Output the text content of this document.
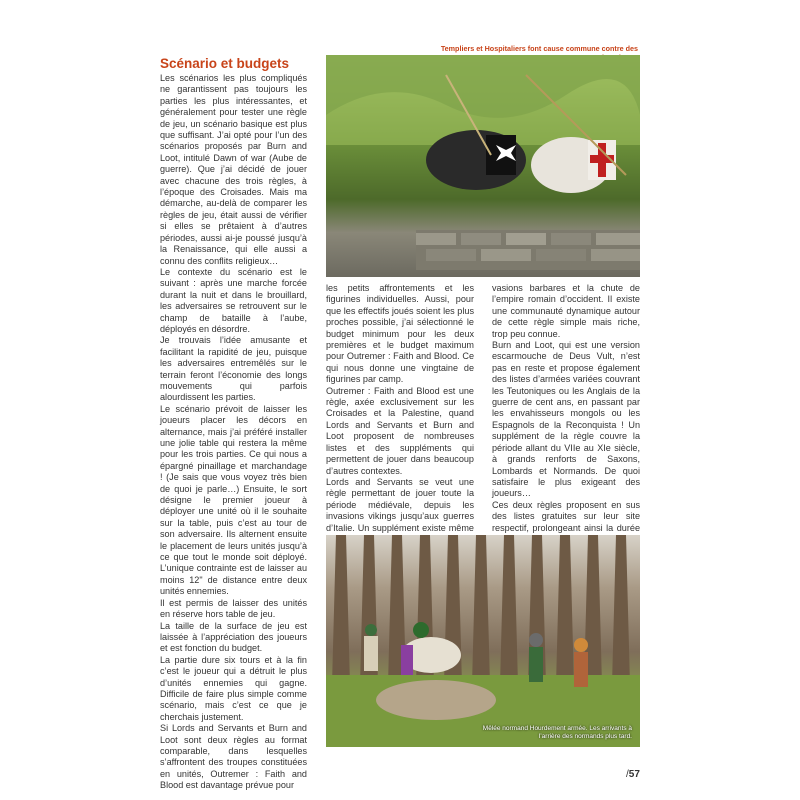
Templiers et Hospitaliers font cause commune contre des
Scénario et budgets

Les scénarios les plus compliqués ne garantissent pas toujours les parties les plus intéressantes, et généralement pour tester une règle de jeu, un scénario basique est plus que suffisant. J’ai opté pour l’un des scénarios proposés par Burn and Loot, intitulé Dawn of war (Aube de guerre). Que j’ai décidé de jouer avec chacune des trois règles, à l’époque des Croisades. Mais ma démarche, au-delà de comparer les règles de jeu, était aussi de vérifier si elles se prêtaient à d’autres périodes, aussi ai-je poussé jusqu’à la Renaissance, qui elle aussi a connu des conflits religieux…

Le contexte du scénario est le suivant : après une marche forcée durant la nuit et dans le brouillard, les adversaires se retrouvent sur le champ de bataille à l’aube, déployés en désordre.

Je trouvais l’idée amusante et facilitant la rapidité de jeu, puisque les adversaires entremêlés sur le terrain feront l’économie des longs mouvements qui parfois alourdissent les parties.

Le scénario prévoit de laisser les joueurs placer les décors en alternance, mais j’ai préféré installer une jolie table qui restera la même pour les trois parties. Ce qui nous a épargné pinaillage et marchandage ! (Je sais que vous voyez très bien de quoi je parle…) Ensuite, le sort désigne le premier joueur à déployer une unité où il le souhaite sur la table, puis c’est au tour de son adversaire. Ils alternent ensuite le placement de leurs unités jusqu’à ce que tout le monde soit déployé. L’unique contrainte est de laisser au moins 12" de distance entre deux unités ennemies.

Il est permis de laisser des unités en réserve hors table de jeu.

La taille de la surface de jeu est laissée à l’appréciation des joueurs et est fonction du budget.

La partie dure six tours et à la fin c’est le joueur qui a détruit le plus d’unités ennemies qui gagne. Difficile de faire plus simple comme scénario, mais c’est ce que je cherchais justement.

Si Lords and Servants et Burn and Loot sont deux règles au format comparable, dans lesquelles s’affrontent des troupes constituées en unités, Outremer : Faith and Blood est davantage prévue pour

les petits affrontements et les figurines individuelles. Aussi, pour que les effectifs joués soient les plus proches possible, j’ai sélectionné le budget minimum pour les deux premières et le budget maximum pour Outremer : Faith and Blood. Ce qui nous donne une vingtaine de figurines par camp.

Outremer : Faith and Blood est une règle, axée exclusivement sur les Croisades et la Palestine, quand Lords and Servants et Burn and Loot proposent de nombreuses listes et des suppléments qui permettent de jouer dans beaucoup d’autres contextes.

Lords and Servants se veut une règle permettant de jouer toute la période médiévale, depuis les invasions vikings jusqu’aux guerres d’Italie. Un supplément existe même

vasions barbares et la chute de l’empire romain d’occident. Il existe une communauté dynamique autour de cette règle simple mais riche, trop peu connue.

Burn and Loot, qui est une version escarmouche de Deus Vult, n’est pas en reste et propose également des listes d’armées variées couvrant les Teutoniques ou les Anglais de la guerre de cent ans, en passant par les envahisseurs mongols ou les Espagnols de la Reconquista ! Un supplément de la règle couvre la période allant du VIIe au XIe siècle, à grands renforts de Saxons, Lombards et Normands. De quoi satisfaire le plus exigeant des joueurs…

Ces deux règles proposent en sus des listes gratuites sur leur site respectif, prolongeant ainsi la durée

Mêlée normand Hourdement armée. Les arrivants à l’arrière des normands plus tard.
/57
